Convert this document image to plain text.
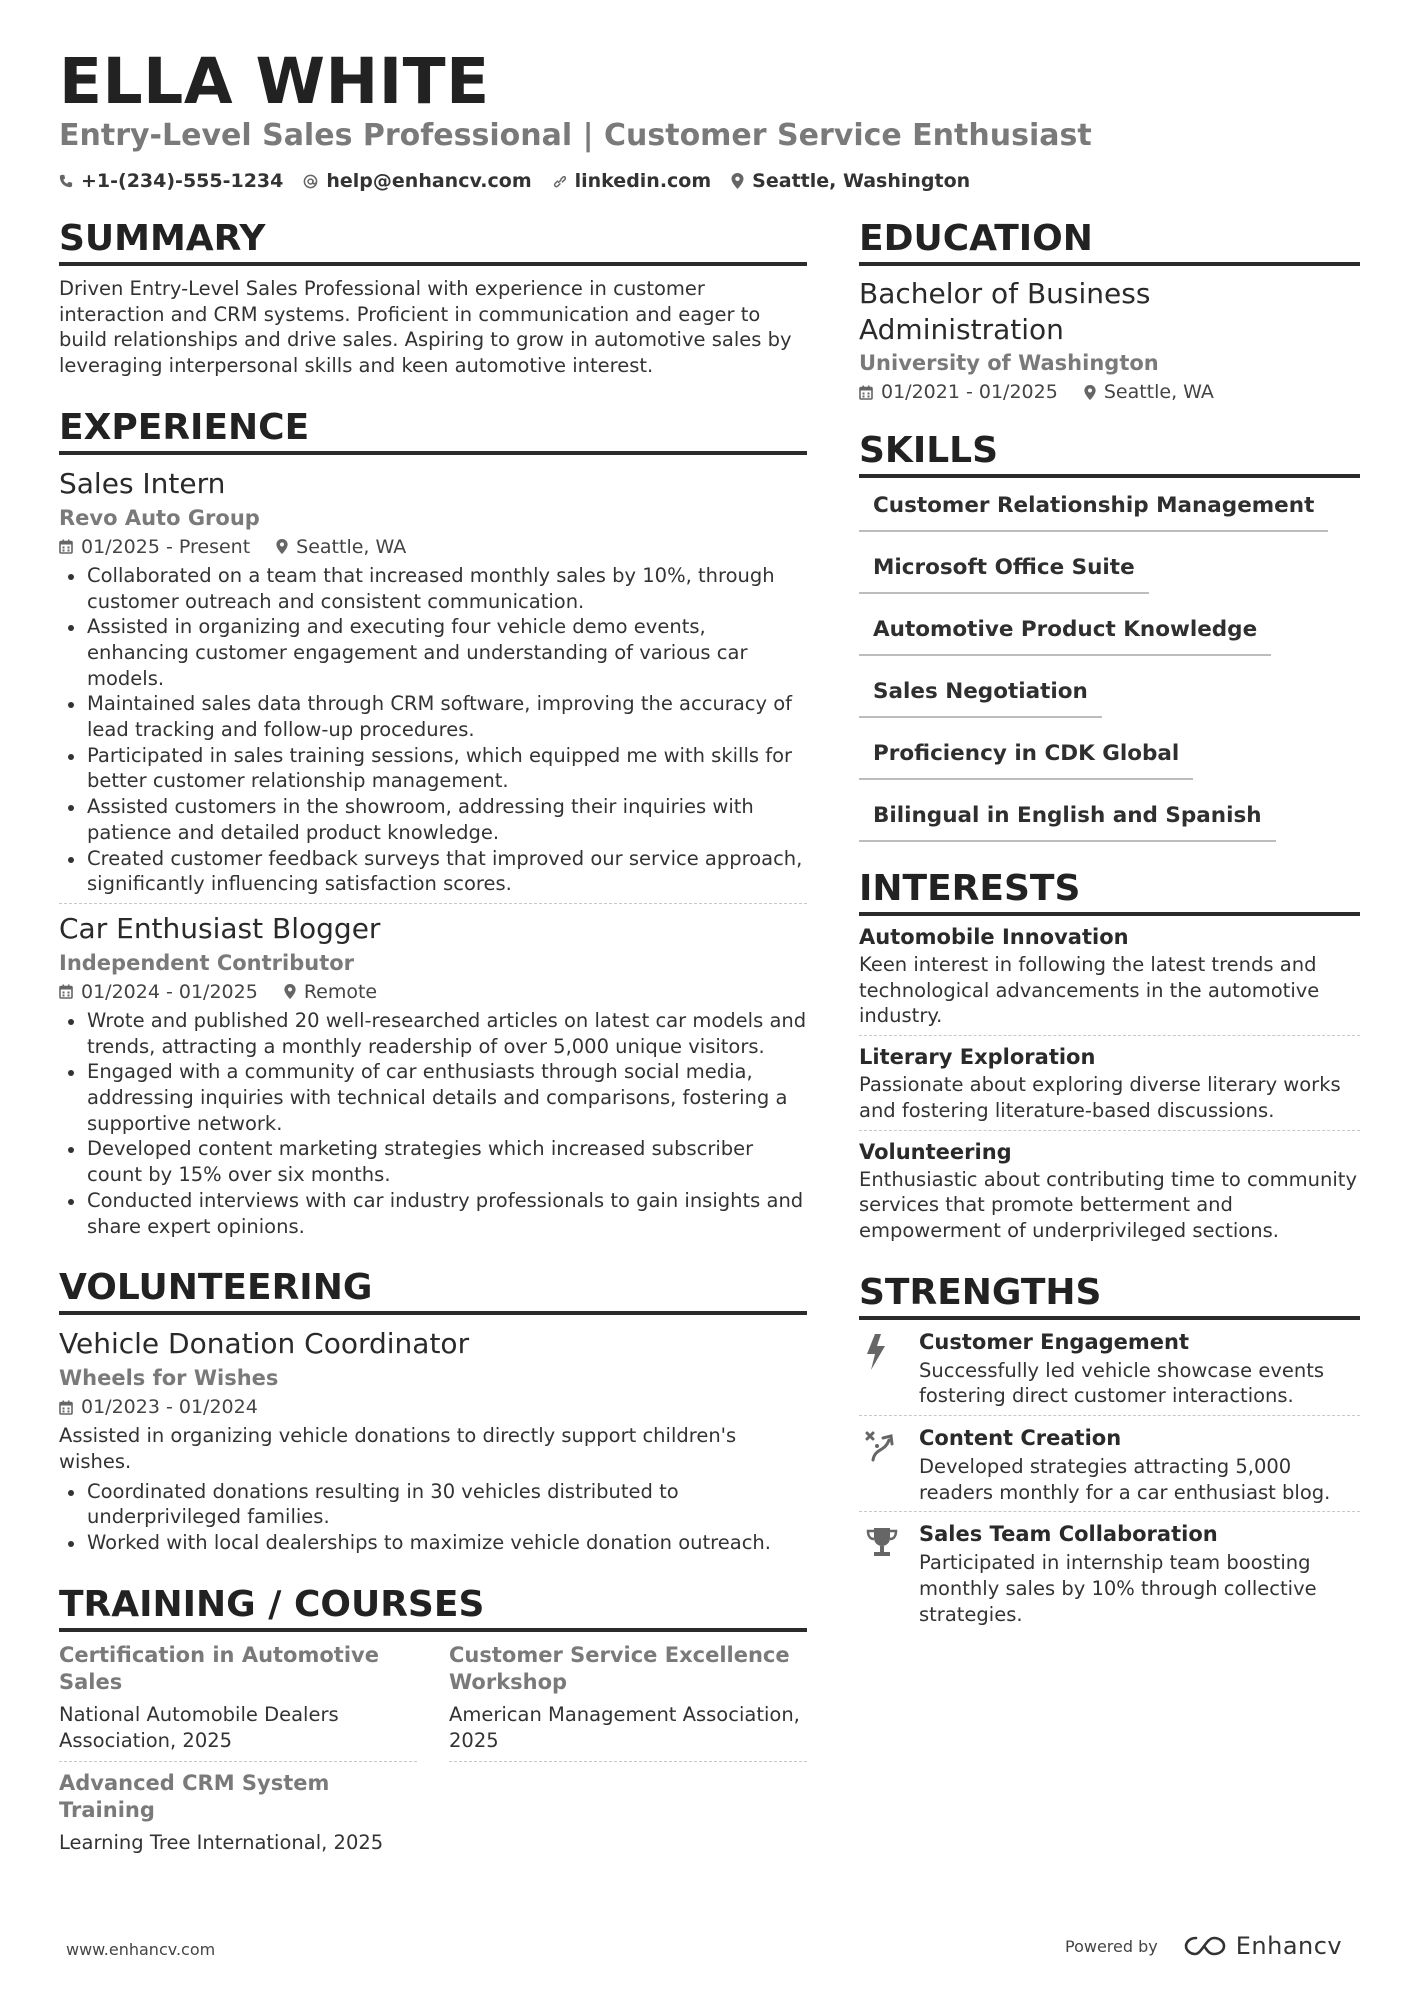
ELLA WHITE
Entry-Level Sales Professional | Customer Service Enthusiast
+1-(234)-555-1234 help@enhancv.com linkedin.com Seattle, Washington
SUMMARY
Driven Entry-Level Sales Professional with experience in customer interaction and CRM systems. Proficient in communication and eager to build relationships and drive sales. Aspiring to grow in automotive sales by leveraging interpersonal skills and keen automotive interest.
EXPERIENCE
Sales Intern
Revo Auto Group
01/2025 - Present Seattle, WA
Collaborated on a team that increased monthly sales by 10%, through customer outreach and consistent communication.
Assisted in organizing and executing four vehicle demo events, enhancing customer engagement and understanding of various car models.
Maintained sales data through CRM software, improving the accuracy of lead tracking and follow-up procedures.
Participated in sales training sessions, which equipped me with skills for better customer relationship management.
Assisted customers in the showroom, addressing their inquiries with patience and detailed product knowledge.
Created customer feedback surveys that improved our service approach, significantly influencing satisfaction scores.
Car Enthusiast Blogger
Independent Contributor
01/2024 - 01/2025 Remote
Wrote and published 20 well-researched articles on latest car models and trends, attracting a monthly readership of over 5,000 unique visitors.
Engaged with a community of car enthusiasts through social media, addressing inquiries with technical details and comparisons, fostering a supportive network.
Developed content marketing strategies which increased subscriber count by 15% over six months.
Conducted interviews with car industry professionals to gain insights and share expert opinions.
VOLUNTEERING
Vehicle Donation Coordinator
Wheels for Wishes
01/2023 - 01/2024
Assisted in organizing vehicle donations to directly support children's wishes.
Coordinated donations resulting in 30 vehicles distributed to underprivileged families.
Worked with local dealerships to maximize vehicle donation outreach.
TRAINING / COURSES
Certification in Automotive Sales
National Automobile Dealers Association, 2025
Customer Service Excellence Workshop
American Management Association, 2025
Advanced CRM System Training
Learning Tree International, 2025
EDUCATION
Bachelor of Business Administration
University of Washington
01/2021 - 01/2025 Seattle, WA
SKILLS
Customer Relationship Management
Microsoft Office Suite
Automotive Product Knowledge
Sales Negotiation
Proficiency in CDK Global
Bilingual in English and Spanish
INTERESTS
Automobile Innovation
Keen interest in following the latest trends and technological advancements in the automotive industry.
Literary Exploration
Passionate about exploring diverse literary works and fostering literature-based discussions.
Volunteering
Enthusiastic about contributing time to community services that promote betterment and empowerment of underprivileged sections.
STRENGTHS
Customer Engagement
Successfully led vehicle showcase events fostering direct customer interactions.
Content Creation
Developed strategies attracting 5,000 readers monthly for a car enthusiast blog.
Sales Team Collaboration
Participated in internship team boosting monthly sales by 10% through collective strategies.
www.enhancv.com	Powered by	Enhancv
